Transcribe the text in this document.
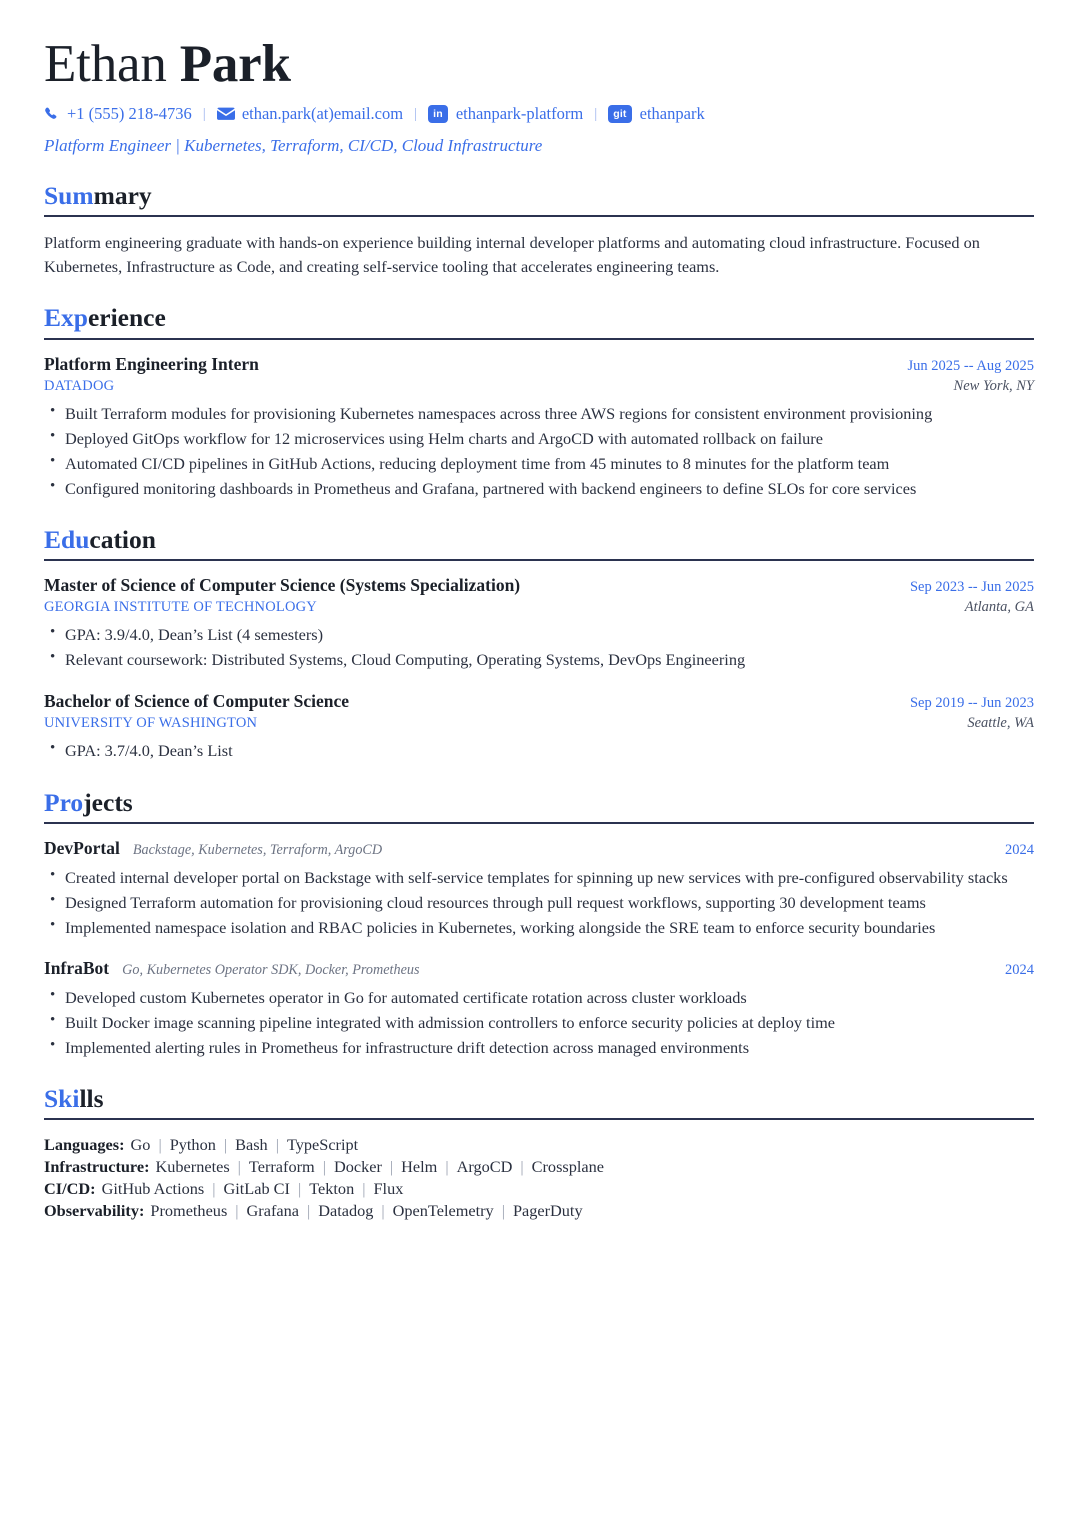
Ethan Park
+1 (555) 218-4736 | ethan.park(at)email.com |	in ethanpark-platform |	git ethanpark
Platform Engineer | Kubernetes, Terraform, CI/CD, Cloud Infrastructure
Summary
Platform engineering graduate with hands-on experience building internal developer platforms and automating cloud infrastructure. Focused on Kubernetes, Infrastructure as Code, and creating self-service tooling that accelerates engineering teams.
Experience
Platform Engineering Intern	Jun 2025 -- Aug 2025
DATADOG	New York, NY
• Built Terraform modules for provisioning Kubernetes namespaces across three AWS regions for consistent environment provisioning
• Deployed GitOps workflow for 12 microservices using Helm charts and ArgoCD with automated rollback on failure
• Automated CI/CD pipelines in GitHub Actions, reducing deployment time from 45 minutes to 8 minutes for the platform team
• Configured monitoring dashboards in Prometheus and Grafana, partnered with backend engineers to define SLOs for core services
Education
Master of Science of Computer Science (Systems Specialization)	Sep 2023 -- Jun 2025
GEORGIA INSTITUTE OF TECHNOLOGY	Atlanta, GA
• GPA: 3.9/4.0, Dean’s List (4 semesters)
• Relevant coursework: Distributed Systems, Cloud Computing, Operating Systems, DevOps Engineering
Bachelor of Science of Computer Science	Sep 2019 -- Jun 2023
UNIVERSITY OF WASHINGTON	Seattle, WA
• GPA: 3.7/4.0, Dean’s List
Projects
DevPortal Backstage, Kubernetes, Terraform, ArgoCD	2024
• Created internal developer portal on Backstage with self-service templates for spinning up new services with pre-configured observability stacks
• Designed Terraform automation for provisioning cloud resources through pull request workflows, supporting 30 development teams
• Implemented namespace isolation and RBAC policies in Kubernetes, working alongside the SRE team to enforce security boundaries
InfraBot Go, Kubernetes Operator SDK, Docker, Prometheus	2024
• Developed custom Kubernetes operator in Go for automated certificate rotation across cluster workloads
• Built Docker image scanning pipeline integrated with admission controllers to enforce security policies at deploy time
• Implemented alerting rules in Prometheus for infrastructure drift detection across managed environments
Skills
Languages: Go | Python | Bash | TypeScript
Infrastructure: Kubernetes | Terraform | Docker | Helm | ArgoCD | Crossplane
CI/CD: GitHub Actions | GitLab CI | Tekton | Flux
Observability: Prometheus | Grafana | Datadog | OpenTelemetry | PagerDuty
